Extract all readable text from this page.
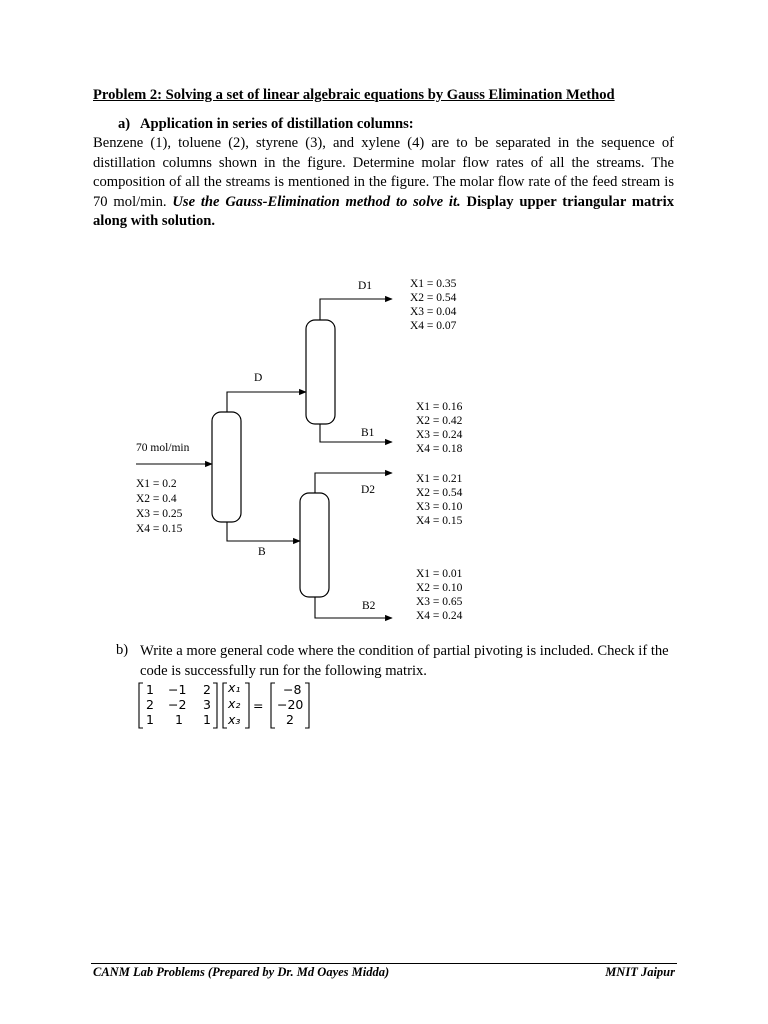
Problem 2: Solving a set of linear algebraic equations by Gauss Elimination Method
a) Application in series of distillation columns:
Benzene (1), toluene (2), styrene (3), and xylene (4) are to be separated in the sequence of distillation columns shown in the figure. Determine molar flow rates of all the streams. The composition of all the streams is mentioned in the figure. The molar flow rate of the feed stream is 70 mol/min. Use the Gauss-Elimination method to solve it. Display upper triangular matrix along with solution.
70 mol/min
X1 = 0.2
X2 = 0.4
X3 = 0.25
X4 = 0.15
D
B
D1	X1 = 0.35
X2 = 0.54
X3 = 0.04
X4 = 0.07
B1
X1 = 0.16
X2 = 0.42
X3 = 0.24
X4 = 0.18
D2
X1 = 0.21
X2 = 0.54
X3 = 0.10
X4 = 0.15
B2
X1 = 0.01
X2 = 0.10
X3 = 0.65
X4 = 0.24
b) Write a more general code where the condition of partial pivoting is included. Check if the code is successfully run for the following matrix.
1 −1 2
2 −2 3
1 1 1
x₁
x₂
x₃
=
−8
−20
2
CANM Lab Problems (Prepared by Dr. Md Oayes Midda)	MNIT Jaipur
